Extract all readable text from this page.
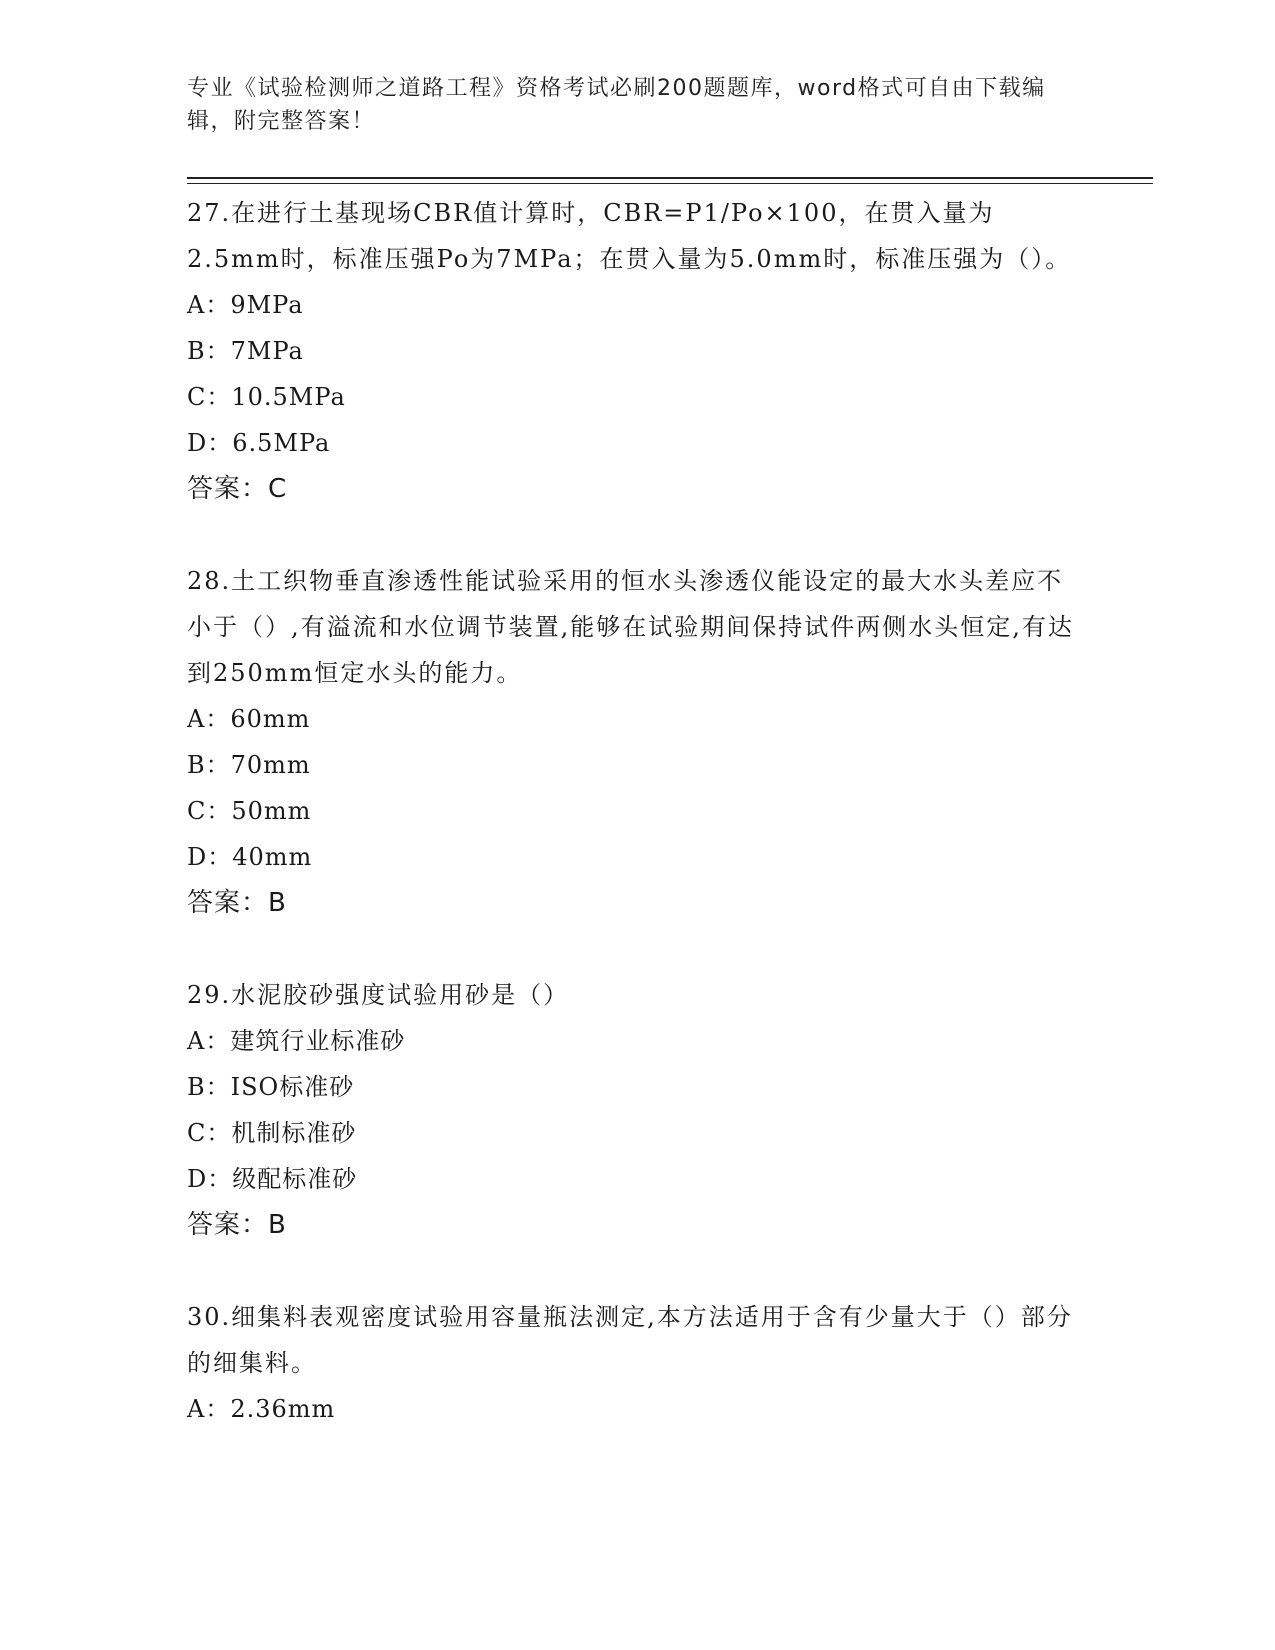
专业《试验检测师之道路工程》资格考试必刷200题题库，word格式可自由下载编辑，附完整答案！

27.在进行土基现场CBR值计算时，CBR=P1/Po×100，在贯入量为2.5mm时，标准压强Po为7MPa；在贯入量为5.0mm时，标准压强为（）。

A：9MPa

B：7MPa

C：10.5MPa

D：6.5MPa

答案：C

28.土工织物垂直渗透性能试验采用的恒水头渗透仪能设定的最大水头差应不小于（）,有溢流和水位调节装置,能够在试验期间保持试件两侧水头恒定,有达到250mm恒定水头的能力。

A：60mm

B：70mm

C：50mm

D：40mm

答案：B

29.水泥胶砂强度试验用砂是（）

A：建筑行业标准砂

B：ISO标准砂

C：机制标准砂

D：级配标准砂

答案：B

30.细集料表观密度试验用容量瓶法测定,本方法适用于含有少量大于（）部分的细集料。

A：2.36mm
